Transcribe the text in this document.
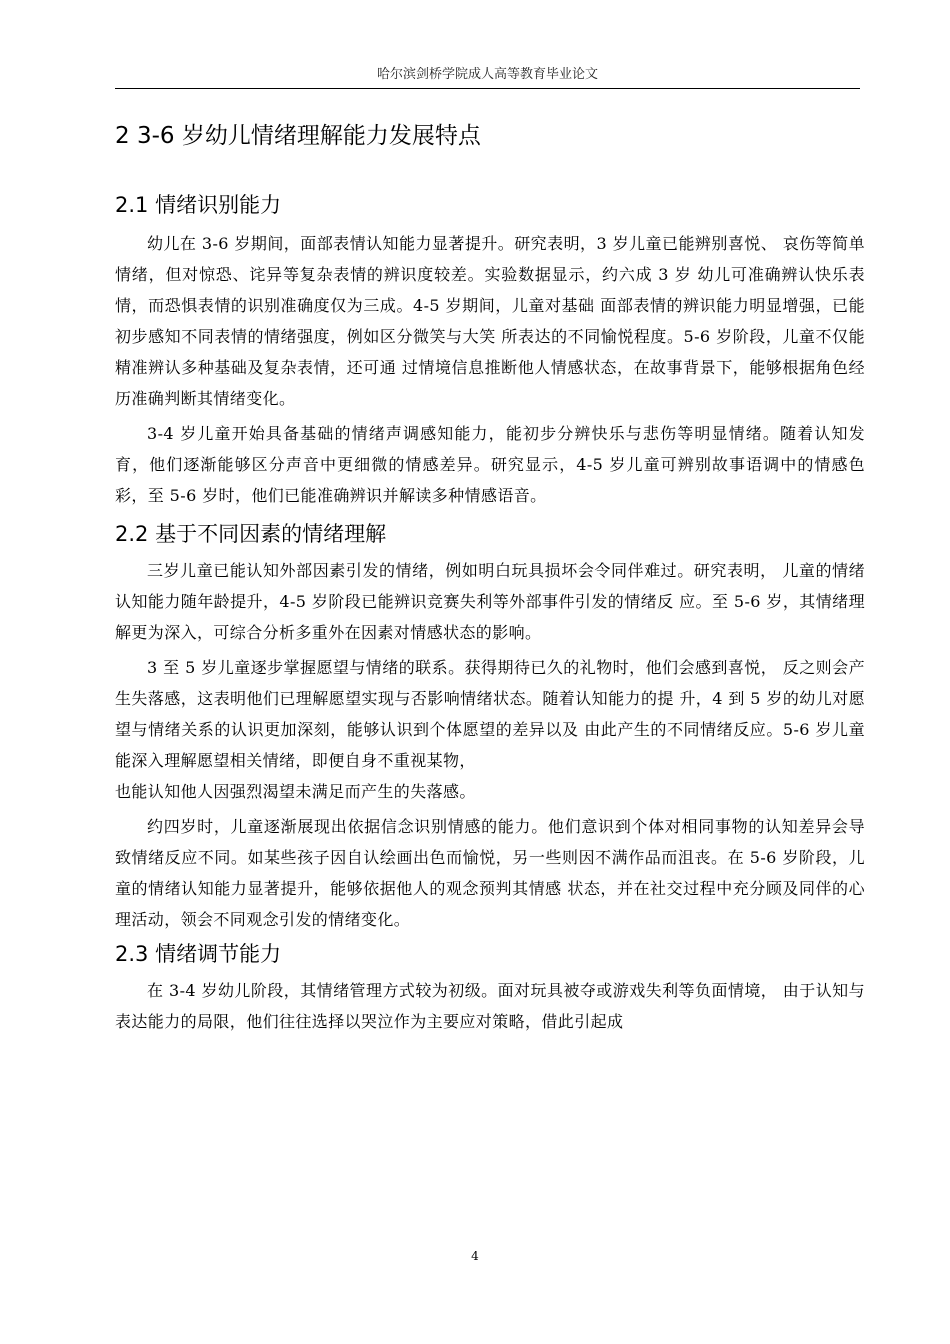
哈尔滨剑桥学院成人高等教育毕业论文
2 3-6 岁幼儿情绪理解能力发展特点
2.1 情绪识别能力

幼儿在 3-6 岁期间，面部表情认知能力显著提升。研究表明，3 岁儿童已能辨别喜悦、 哀伤等简单情绪，但对惊恐、诧异等复杂表情的辨识度较差。实验数据显示，约六成 3 岁 幼儿可准确辨认快乐表情，而恐惧表情的识别准确度仅为三成。4-5 岁期间，儿童对基础 面部表情的辨识能力明显增强，已能初步感知不同表情的情绪强度，例如区分微笑与大笑 所表达的不同愉悦程度。5-6 岁阶段，儿童不仅能精准辨认多种基础及复杂表情，还可通 过情境信息推断他人情感状态，在故事背景下，能够根据角色经历准确判断其情绪变化。

3-4 岁儿童开始具备基础的情绪声调感知能力，能初步分辨快乐与悲伤等明显情绪。随着认知发育，他们逐渐能够区分声音中更细微的情感差异。研究显示，4-5 岁儿童可辨别故事语调中的情感色彩，至 5-6 岁时，他们已能准确辨识并解读多种情感语音。

2.2 基于不同因素的情绪理解

三岁儿童已能认知外部因素引发的情绪，例如明白玩具损坏会令同伴难过。研究表明， 儿童的情绪认知能力随年龄提升，4-5 岁阶段已能辨识竞赛失利等外部事件引发的情绪反 应。至 5-6 岁，其情绪理解更为深入，可综合分析多重外在因素对情感状态的影响。

3 至 5 岁儿童逐步掌握愿望与情绪的联系。获得期待已久的礼物时，他们会感到喜悦， 反之则会产生失落感，这表明他们已理解愿望实现与否影响情绪状态。随着认知能力的提 升，4 到 5 岁的幼儿对愿望与情绪关系的认识更加深刻，能够认识到个体愿望的差异以及 由此产生的不同情绪反应。5-6 岁儿童能深入理解愿望相关情绪，即便自身不重视某物，

也能认知他人因强烈渴望未满足而产生的失落感。

约四岁时，儿童逐渐展现出依据信念识别情感的能力。他们意识到个体对相同事物的认知差异会导致情绪反应不同。如某些孩子因自认绘画出色而愉悦，另一些则因不满作品而沮丧。在 5-6 岁阶段，儿童的情绪认知能力显著提升，能够依据他人的观念预判其情感 状态，并在社交过程中充分顾及同伴的心理活动，领会不同观念引发的情绪变化。

2.3 情绪调节能力

在 3-4 岁幼儿阶段，其情绪管理方式较为初级。面对玩具被夺或游戏失利等负面情境， 由于认知与表达能力的局限，他们往往选择以哭泣作为主要应对策略，借此引起成

4
